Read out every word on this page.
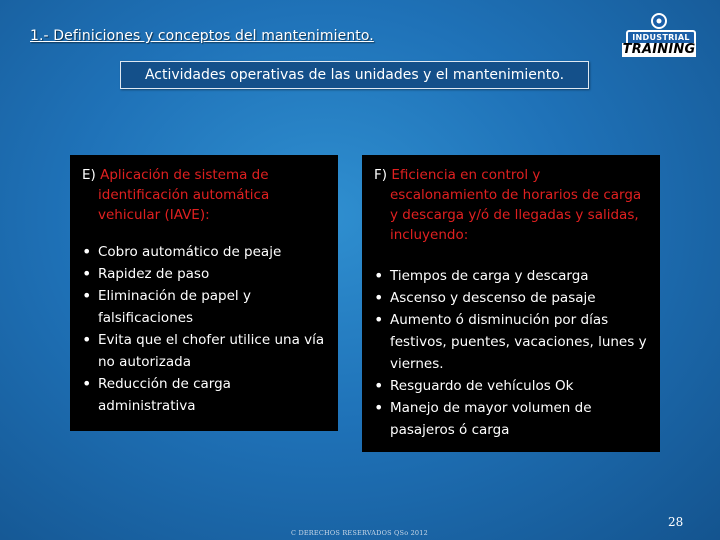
1.- Definiciones y conceptos del mantenimiento.	INDUSTRIAL
TRAINING
Actividades operativas de las unidades y el mantenimiento.

E) Aplicación de sistema de identificación automática vehicular (IAVE):

• Cobro automático de peaje
• Rapidez de paso
• Eliminación de papel y falsificaciones
• Evita que el chofer utilice una vía no autorizada
• Reducción de carga administrativa

F) Eficiencia en control y escalonamiento de horarios de carga y descarga y/ó de llegadas y salidas, incluyendo:

• Tiempos de carga y descarga
• Ascenso y descenso de pasaje
• Aumento ó disminución por días festivos, puentes, vacaciones, lunes y viernes.
• Resguardo de vehículos Ok
• Manejo de mayor volumen de pasajeros ó carga
C DERECHOS RESERVADOS QSo 2012
28
